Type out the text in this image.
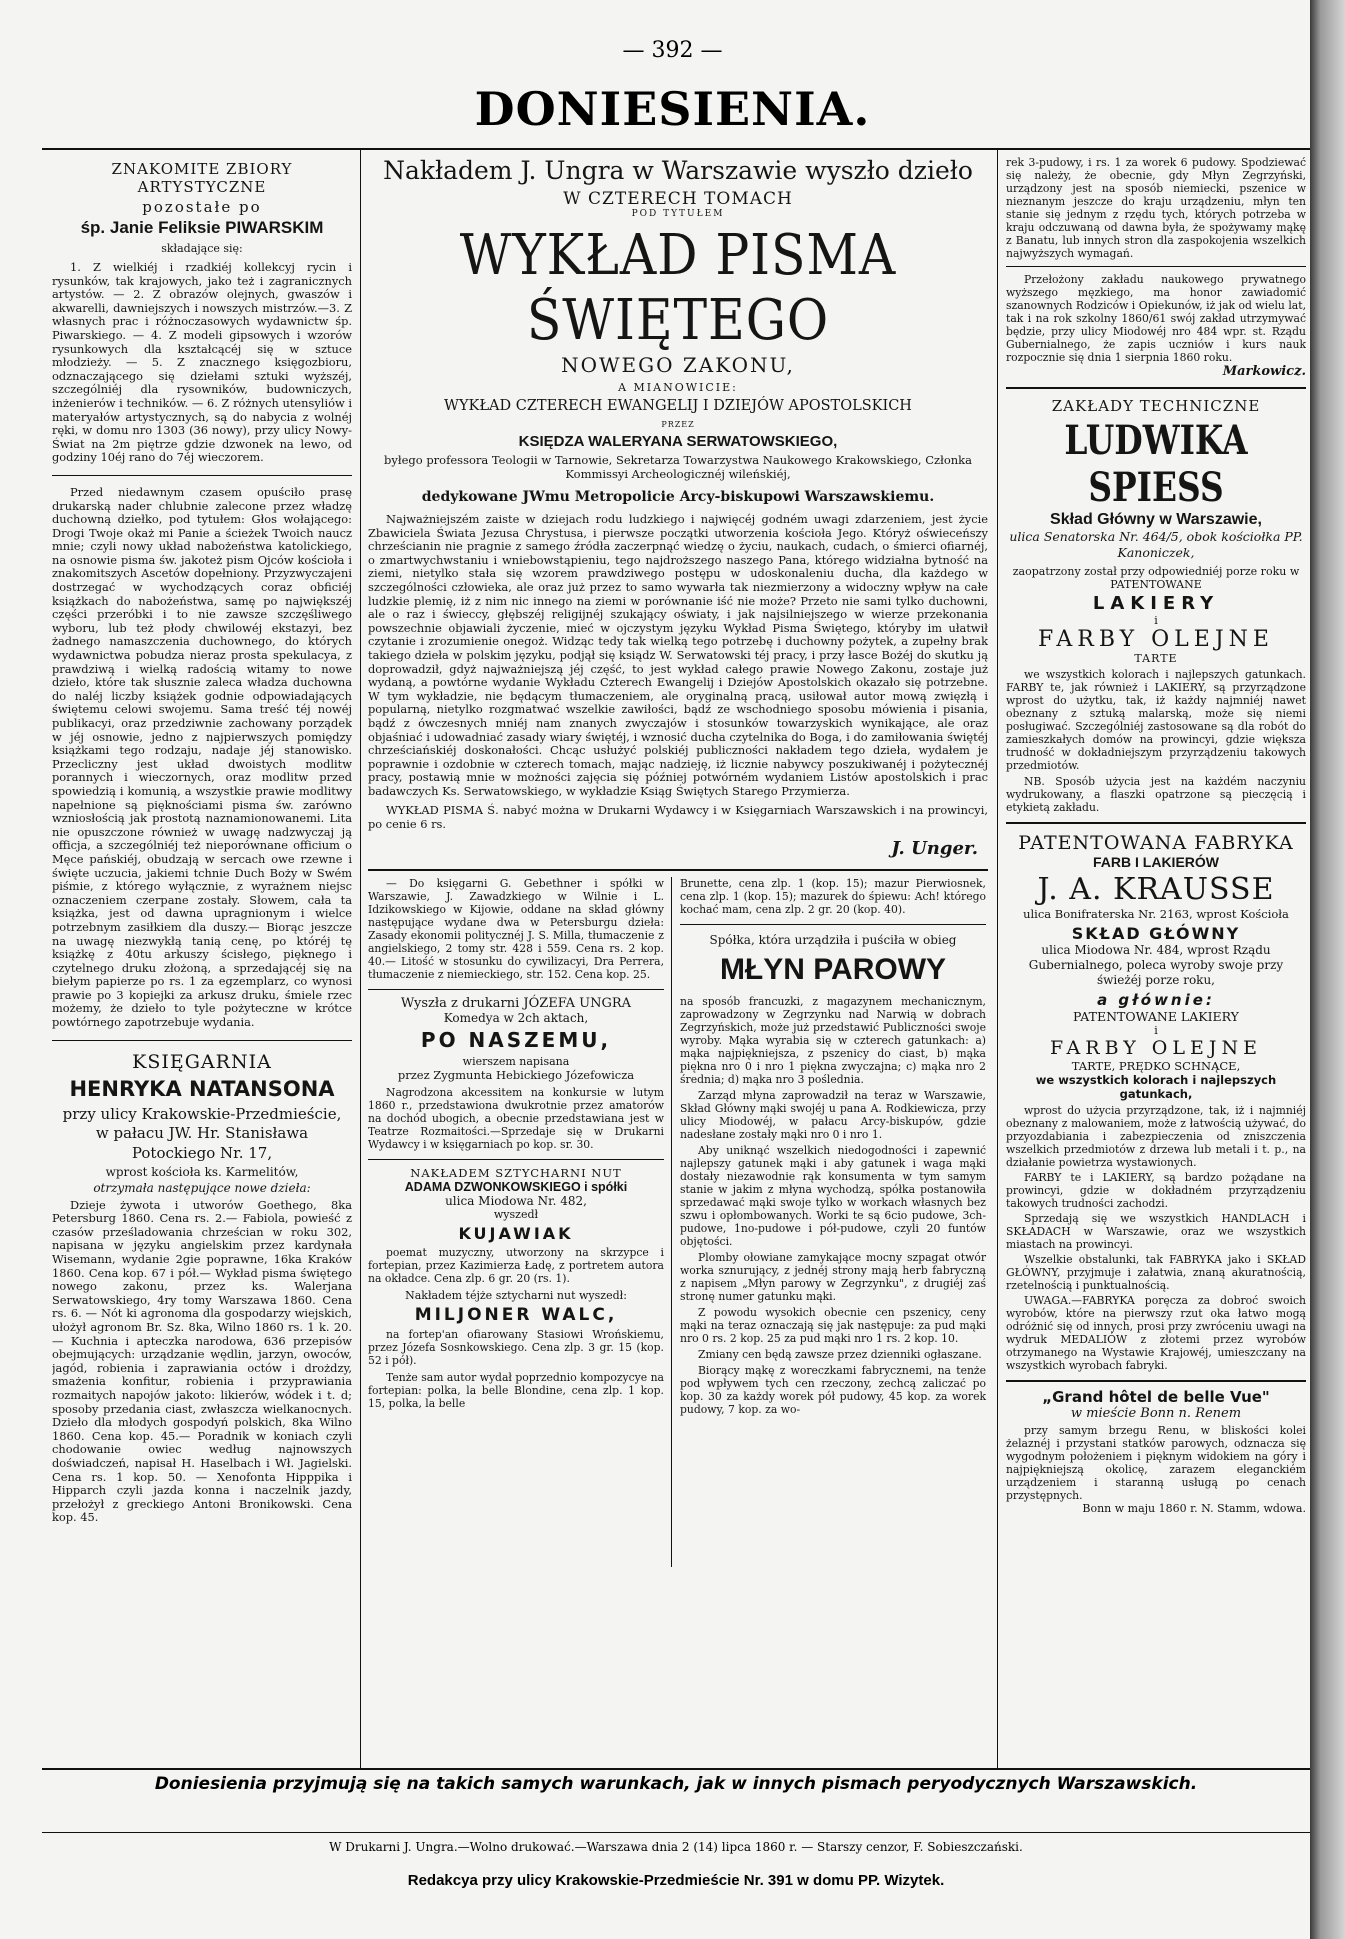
— 392 —
DONIESIENIA.
ZNAKOMITE ZBIORY ARTYSTYCZNE
pozostałe po
śp. Janie Feliksie PIWARSKIM
składające się:

1. Z wielkiéj i rzadkiéj kollekcyj rycin i rysunków, tak krajowych, jako też i zagranicznych artystów. — 2. Z obrazów olejnych, gwaszów i akwarelli, dawniejszych i nowszych mistrzów.—3. Z własnych prac i różnoczasowych wydawnictw śp. Piwarskiego. — 4. Z modeli gipsowych i wzorów rysunkowych dla kształcącéj się w sztuce młodzieży. — 5. Z znacznego księgozbioru, odznaczającego się dziełami sztuki wyższéj, szczególniéj dla rysowników, budowniczych, inżenierów i techników. — 6. Z różnych utensyliów i materyałów artystycznych, są do nabycia z wolnéj ręki, w domu nro 1303 (36 nowy), przy ulicy Nowy-Świat na 2m piętrze gdzie dzwonek na lewo, od godziny 10éj rano do 7éj wieczorem.

Przed niedawnym czasem opuściło prasę drukarską nader chlubnie zalecone przez władzę duchowną dziełko, pod tytułem: Głos wołającego: Drogi Twoje okaż mi Panie a ścieżek Twoich naucz mnie; czyli nowy układ nabożeństwa katolickiego, na osnowie pisma św. jakoteż pism Ojców kościoła i znakomitszych Ascetów dopełniony. Przyzwyczajeni dostrzegać w wychodzących coraz obficiéj książkach do nabożeństwa, samę po największéj części przeróbki i to nie zawsze szczęśliwego wyboru, lub też płody chwilowéj ekstazyi, bez żadnego namaszczenia duchownego, do których wydawnictwa pobudza nieraz prosta spekulacya, z prawdziwą i wielką radością witamy to nowe dzieło, które tak słusznie zaleca władza duchowna do naléj liczby książek godnie odpowiadających świętemu celowi swojemu. Sama treść téj nowéj publikacyi, oraz przedziwnie zachowany porządek w jéj osnowie, jedno z najpierwszych pomiędzy książkami tego rodzaju, nadaje jéj stanowisko. Przecliczny jest układ dwoistych modlitw porannych i wieczornych, oraz modlitw przed spowiedzią i komunią, a wszystkie prawie modlitwy napełnione są pięknościami pisma św. zarówno wzniosłością jak prostotą naznamionowanemi. Lita nie opuszczone również w uwagę nadzwyczaj ją officja, a szczególniéj też nieporównane officium o Męce pańskiéj, obudzają w sercach owe rzewne i święte uczucia, jakiemi tchnie Duch Boży w Swém piśmie, z którego wyłącznie, z wyrażnem niejsc oznaczeniem czerpane zostały. Słowem, cała ta książka, jest od dawna upragnionym i wielce potrzebnym zasiłkiem dla duszy.— Biorąc jeszcze na uwagę niezwykłą tanią cenę, po któréj tę książkę z 40tu arkuszy ścisłego, pięknego i czytelnego druku złożoną, a sprzedającéj się na biełym papierze po rs. 1 za egzemplarz, co wynosi prawie po 3 kopiejki za arkusz druku, śmiele rzec możemy, że dzieło to tyle pożyteczne w krótce powtórnego zapotrzebuje wydania.

KSIĘGARNIA
HENRYKA NATANSONA
przy ulicy Krakowskie-Przedmieście,
w pałacu JW. Hr. Stanisława Potockiego Nr. 17,
wprost kościoła ks. Karmelitów,
otrzymała następujące nowe dzieła:

Dzieje żywota i utworów Goethego, 8ka Petersburg 1860. Cena rs. 2.— Fabiola, powieść z czasów prześladowania chrześcian w roku 302, napisana w języku angielskim przez kardynała Wisemann, wydanie 2gie poprawne, 16ka Kraków 1860. Cena kop. 67 i pół.— Wykład pisma świętego nowego zakonu, przez ks. Walerjana Serwatowskiego, 4ry tomy Warszawa 1860. Cena rs. 6. — Nót ki agronoma dla gospodarzy wiejskich, ułożył agronom Br. Sz. 8ka, Wilno 1860 rs. 1 k. 20.— Kuchnia i apteczka narodowa, 636 przepisów obejmujących: urządzanie wędlin, jarzyn, owoców, jagód, robienia i zaprawiania octów i drożdzy, smażenia konfitur, robienia i przyprawiania rozmaitych napojów jakoto: likierów, wódek i t. d; sposoby przedania ciast, zwłaszcza wielkanocnych. Dzieło dla młodych gospodyń polskich, 8ka Wilno 1860. Cena kop. 45.— Poradnik w koniach czyli chodowanie owiec według najnowszych doświadczeń, napisał H. Haselbach i Wł. Jagielski. Cena rs. 1 kop. 50. — Xenofonta Hipppika i Hipparch czyli jazda konna i naczelnik jazdy, przełożył z greckiego Antoni Bronikowski. Cena kop. 45.

Nakładem J. Ungra w Warszawie wyszło dzieło
W CZTERECH TOMACH
POD TYTUŁEM
WYKŁAD PISMA ŚWIĘTEGO
NOWEGO ZAKONU,
A MIANOWICIE:
WYKŁAD CZTERECH EWANGELIJ I DZIEJÓW APOSTOLSKICH
PRZEZ
KSIĘDZA WALERYANA SERWATOWSKIEGO,
byłego professora Teologii w Tarnowie, Sekretarza Towarzystwa Naukowego Krakowskiego, Członka Kommissyi Archeologicznéj wileńskiéj,
dedykowane JWmu Metropolicie Arcy-biskupowi Warszawskiemu.

Najważniejszém zaiste w dziejach rodu ludzkiego i najwięcéj godném uwagi zdarzeniem, jest życie Zbawiciela Świata Jezusa Chrystusa, i pierwsze początki utworzenia kościoła Jego. Któryż oświeceńszy chrześcianin nie pragnie z samego źródła zaczerpnąć wiedzę o życiu, naukach, cudach, o śmierci ofiarnéj, o zmartwychwstaniu i wniebowstąpieniu, tego najdroższego naszego Pana, którego widziałna bytność na ziemi, nietylko stała się wzorem prawdziwego postępu w udoskonaleniu ducha, dla każdego w szczególności człowieka, ale oraz już przez to samo wywarła tak niezmierzony a widoczny wpływ na całe ludzkie plemię, iż z nim nic innego na ziemi w porównanie iść nie może? Przeto nie sami tylko duchowni, ale o raz i świeccy, głębszéj religijnéj szukający oświaty, i jak najsilniejszego w wierze przekonania powszechnie objawiali życzenie, mieć w ojczystym języku Wykład Pisma Świętego, któryby im ułatwił czytanie i zrozumienie onegoż. Widząc tedy tak wielką tego potrzebę i duchowny pożytek, a zupełny brak takiego dzieła w polskim języku, podjął się ksiądz W. Serwatowski téj pracy, i przy łasce Bożéj do skutku ją doprowadził, gdyż najważniejszą jéj część, to jest wykład całego prawie Nowego Zakonu, zostaje już wydaną, a powtórne wydanie Wykładu Czterech Ewangelij i Dziejów Apostolskich okazało się potrzebne. W tym wykładzie, nie będącym tłumaczeniem, ale oryginalną pracą, usiłował autor mową zwięzłą i popularną, nietylko rozgmatwać wszelkie zawiłości, bądź ze wschodniego sposobu mówienia i pisania, bądź z ówczesnych mniéj nam znanych zwyczajów i stosunków towarzyskich wynikające, ale oraz objaśniać i udowadniać zasady wiary świętéj, i wznosić ducha czytelnika do Boga, i do zamiłowania świętéj chrześciańskiéj doskonałości. Chcąc usłużyć polskiéj publiczności nakładem tego dzieła, wydałem je poprawnie i ozdobnie w czterech tomach, mając nadzieję, iż licznie nabywcy poszukiwanéj i pożytecznéj pracy, postawią mnie w możności zajęcia się później potwórném wydaniem Listów apostolskich i prac badawczych Ks. Serwatowskiego, w wykładzie Ksiąg Świętych Starego Przymierza.

WYKŁAD PISMA Ś. nabyć można w Drukarni Wydawcy i w Księgarniach Warszawskich i na prowincyi, po cenie 6 rs.

J. Unger.

— Do księgarni G. Gebethner i spółki w Warszawie, J. Zawadzkiego w Wilnie i L. Idzikowskiego w Kijowie, oddane na skład główny następujące wydane dwa w Petersburgu dzieła: Zasady ekonomii politycznéj J. S. Milla, tłumaczenie z angielskiego, 2 tomy str. 428 i 559. Cena rs. 2 kop. 40.— Litość w stosunku do cywilizacyi, Dra Perrera, tłumaczenie z niemieckiego, str. 152. Cena kop. 25.

Wyszła z drukarni JÓZEFA UNGRA
Komedya w 2ch aktach,
PO NASZEMU,
wierszem napisana
przez Zygmunta Hebickiego Józefowicza

Nagrodzona akcessitem na konkursie w lutym 1860 r., przedstawiona dwukrotnie przez amatorów na dochód ubogich, a obecnie przedstawiana jest w Teatrze Rozmaitości.—Sprzedaje się w Drukarni Wydawcy i w księgarniach po kop. sr. 30.

NAKŁADEM SZTYCHARNI NUT
ADAMA DZWONKOWSKIEGO i spółki
ulica Miodowa Nr. 482,
wyszedł
KUJAWIAK

poemat muzyczny, utworzony na skrzypce i fortepian, przez Kazimierza Ładę, z portretem autora na okładce. Cena zlp. 6 gr. 20 (rs. 1).

Nakładem téjże sztycharni nut wyszedł:
MILJONER WALC,

na fortep'an ofiarowany Stasiowi Wrońskiemu, przez Józefa Sosnkowskiego. Cena zlp. 3 gr. 15 (kop. 52 i pół).

Tenże sam autor wydał poprzednio kompozycye na fortepian: polka, la belle Blondine, cena zlp. 1 kop. 15, polka, la belle

Brunette, cena zlp. 1 (kop. 15); mazur Pierwiosnek, cena zlp. 1 (kop. 15); mazurek do śpiewu: Ach! którego kochać mam, cena zlp. 2 gr. 20 (kop. 40).

Spółka, która urządziła i puściła w obieg
MŁYN PAROWY

na sposób francuzki, z magazynem mechanicznym, zaprowadzony w Zegrzynku nad Narwią w dobrach Zegrzyńskich, może już przedstawić Publiczności swoje wyroby. Mąka wyrabia się w czterech gatunkach: a) mąka najpiękniejsza, z pszenicy do ciast, b) mąka piękna nro 0 i nro 1 piękna zwyczajna; c) mąka nro 2 średnia; d) mąka nro 3 poślednia.

Zarząd młyna zaprowadził na teraz w Warszawie, Skład Główny mąki swojéj u pana A. Rodkiewicza, przy ulicy Miodowéj, w pałacu Arcy-biskupów, gdzie nadesłane zostały mąki nro 0 i nro 1.

Aby uniknąć wszelkich niedogodności i zapewnić najlepszy gatunek mąki i aby gatunek i waga mąki dostały niezawodnie rąk konsumenta w tym samym stanie w jakim z młyna wychodzą, spółka postanowiła sprzedawać mąki swoje tylko w workach własnych bez szwu i opłombowanych. Worki te są 6cio pudowe, 3ch-pudowe, 1no-pudowe i pół-pudowe, czyli 20 funtów objętości.

Plomby ołowiane zamykające mocny szpagat otwór worka sznurujący, z jednéj strony mają herb fabryczną z napisem „Młyn parowy w Zegrzynku", z drugiéj zaś stronę numer gatunku mąki.

Z powodu wysokich obecnie cen pszenicy, ceny mąki na teraz oznaczają się jak następuje: za pud mąki nro 0 rs. 2 kop. 25 za pud mąki nro 1 rs. 2 kop. 10.

Zmiany cen będą zawsze przez dzienniki ogłaszane.

Biorący mąkę z woreczkami fabrycznemi, na tenże pod wpływem tych cen rzeczony, zechcą zaliczać po kop. 30 za każdy worek pół pudowy, 45 kop. za worek pudowy, 7 kop. za wo-

rek 3-pudowy, i rs. 1 za worek 6 pudowy. Spodziewać się należy, że obecnie, gdy Młyn Zegrzyński, urządzony jest na sposób niemiecki, pszenice w nieznanym jeszcze do kraju urządzeniu, młyn ten stanie się jednym z rzędu tych, których potrzeba w kraju odczuwaną od dawna była, że spożywamy mąkę z Banatu, lub innych stron dla zaspokojenia wszelkich najwyższych wymagań.

Przełożony zakładu naukowego prywatnego wyższego męzkiego, ma honor zawiadomić szanownych Rodziców i Opiekunów, iż jak od wielu lat, tak i na rok szkolny 1860/61 swój zakład utrzymywać będzie, przy ulicy Miodowéj nro 484 wpr. st. Rządu Gubernialnego, że zapis uczniów i kurs nauk rozpocznie się dnia 1 sierpnia 1860 roku.

Markowicz.
ZAKŁADY TECHNICZNE
LUDWIKA SPIESS
Skład Główny w Warszawie,
ulica Senatorska Nr. 464/5, obok kościołka PP. Kanoniczek,
zaopatrzony został przy odpowiedniéj porze roku w PATENTOWANE
LAKIERY
i
FARBY OLEJNE
TARTE

we wszystkich kolorach i najlepszych gatunkach. FARBY te, jak również i LAKIERY, są przyrządzone wprost do użytku, tak, iż każdy najmniéj nawet obeznany z sztuką malarską, może się niemi posługiwać. Szczególniéj zastosowane są dla robót do zamieszkałych domów na prowincyi, gdzie większa trudność w dokładniejszym przyrządzeniu takowych przedmiotów.

NB. Sposób użycia jest na każdém naczyniu wydrukowany, a flaszki opatrzone są pieczęcią i etykietą zakładu.

PATENTOWANA FABRYKA
FARB I LAKIERÓW
J. A. KRAUSSE
ulica Bonifraterska Nr. 2163, wprost Kościoła
SKŁAD GŁÓWNY
ulica Miodowa Nr. 484, wprost Rządu Gubernialnego, poleca wyroby swoje przy świeżéj porze roku,
a głównie:
PATENTOWANE LAKIERY
i
FARBY OLEJNE
TARTE, PRĘDKO SCHNĄCE,
we wszystkich kolorach i najlepszych gatunkach,

wprost do użycia przyrządzone, tak, iż i najmniéj obeznany z malowaniem, może z łatwością używać, do przyozdabiania i zabezpieczenia od zniszczenia wszelkich przedmiotów z drzewa lub metali i t. p., na działanie powietrza wystawionych.

FARBY te i LAKIERY, są bardzo pożądane na prowincyi, gdzie w dokładném przyrządzeniu takowych trudności zachodzi.

Sprzedają się we wszystkich HANDLACH i SKŁADACH w Warszawie, oraz we wszystkich miastach na prowincyi.

Wszelkie obstalunki, tak FABRYKA jako i SKŁAD GŁÓWNY, przyjmuje i załatwia, znaną akuratnością, rzetelnością i punktualnością.

UWAGA.—FABRYKA poręcza za dobroć swoich wyrobów, które na pierwszy rzut oka łatwo mogą odróżnić się od innych, prosi przy zwróceniu uwagi na wydruk MEDALIÓW z złotemi przez wyrobów otrzymanego na Wystawie Krajowéj, umieszczany na wszystkich wyrobach fabryki.

„Grand hôtel de belle Vue"
w mieście Bonn n. Renem

przy samym brzegu Renu, w bliskości kolei żelaznéj i przystani statków parowych, odznacza się wygodnym położeniem i pięknym widokiem na góry i najpiękniejszą okolicę, zarazem eleganckiém urządzeniem i staranną usługą po cenach przystępnych.

Bonn w maju 1860 r. N. Stamm, wdowa.
Doniesienia przyjmują się na takich samych warunkach, jak w innych pismach peryodycznych Warszawskich.
W Drukarni J. Ungra.—Wolno drukować.—Warszawa dnia 2 (14) lipca 1860 r. — Starszy cenzor, F. Sobieszczański.
Redakcya przy ulicy Krakowskie-Przedmieście Nr. 391 w domu PP. Wizytek.
